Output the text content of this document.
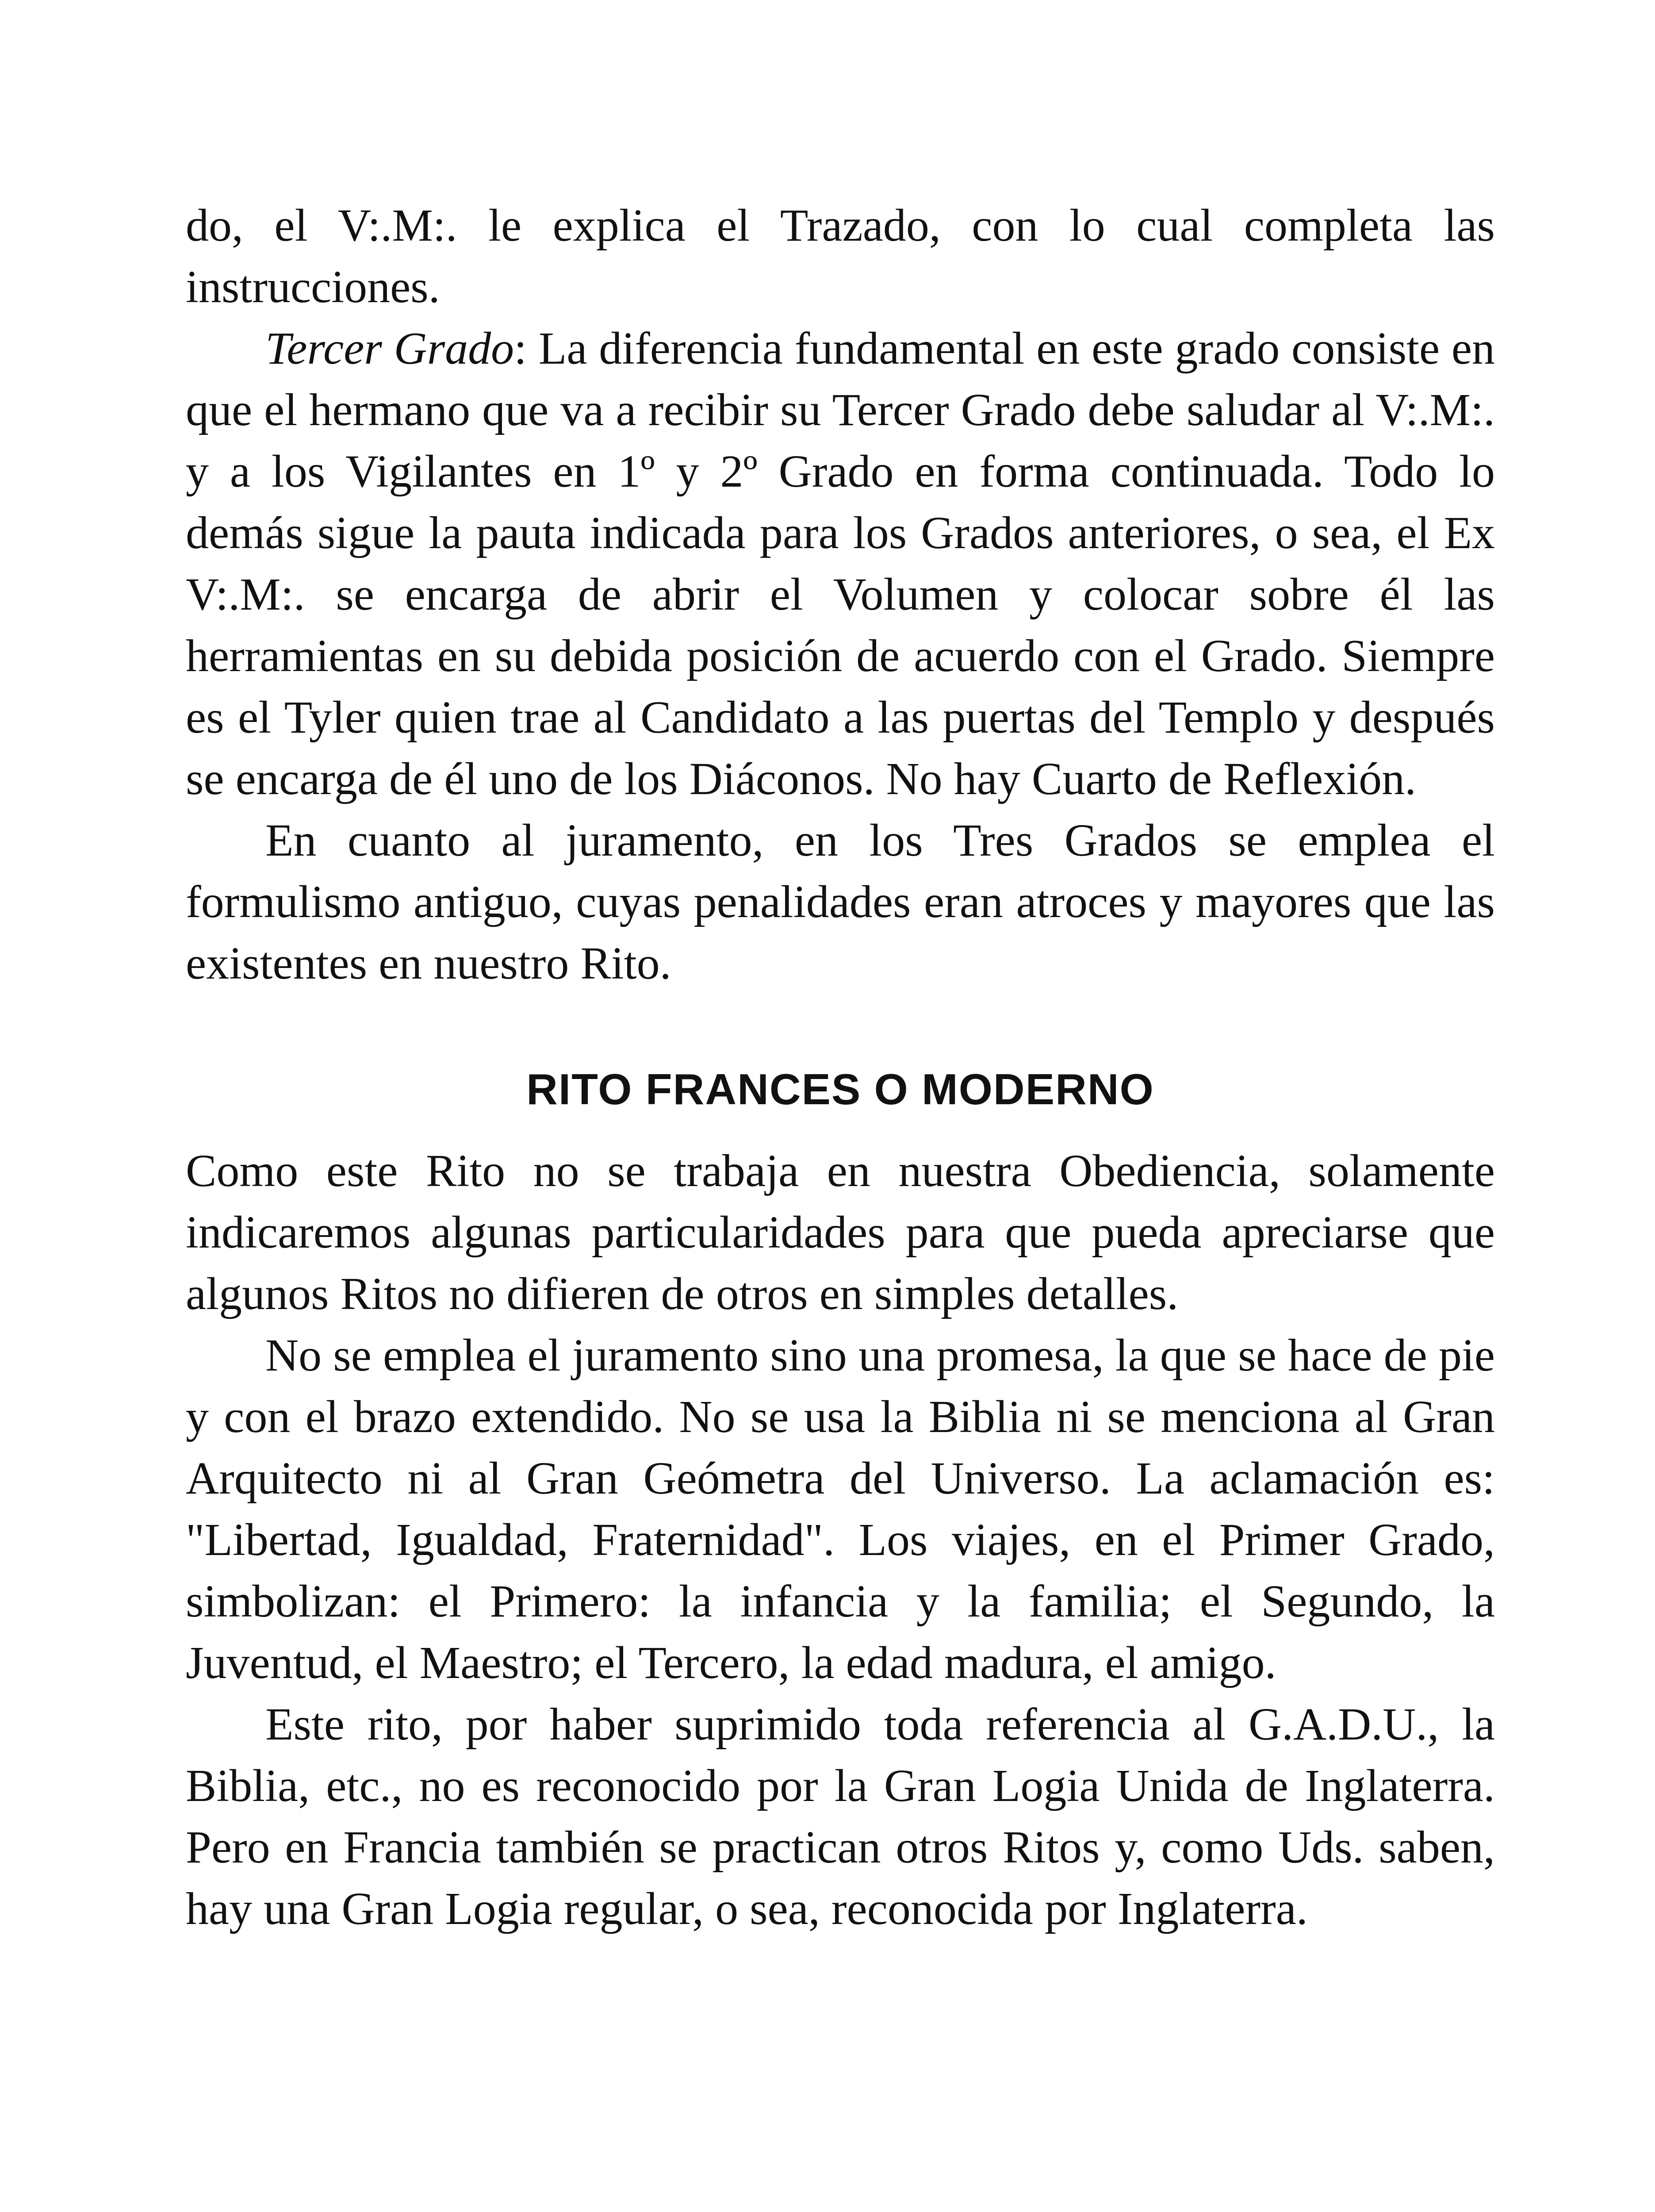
do, el V:.M:. le explica el Trazado, con lo cual completa las instrucciones.

Tercer Grado: La diferencia fundamental en este grado consiste en que el hermano que va a recibir su Tercer Grado debe saludar al V:.M:. y a los Vigilantes en 1º y 2º Grado en forma continuada. Todo lo demás sigue la pauta indicada para los Grados anteriores, o sea, el Ex V:.M:. se encarga de abrir el Volumen y colocar sobre él las herramientas en su debida posición de acuerdo con el Grado. Siempre es el Tyler quien trae al Candidato a las puertas del Templo y después se encarga de él uno de los Diáconos. No hay Cuarto de Reflexión.

En cuanto al juramento, en los Tres Grados se emplea el formulismo antiguo, cuyas penalidades eran atroces y mayores que las existentes en nuestro Rito.

RITO FRANCES O MODERNO

Como este Rito no se trabaja en nuestra Obediencia, solamente indicaremos algunas particularidades para que pueda apreciarse que algunos Ritos no difieren de otros en simples detalles.

No se emplea el juramento sino una promesa, la que se hace de pie y con el brazo extendido. No se usa la Biblia ni se menciona al Gran Arquitecto ni al Gran Geómetra del Universo. La aclamación es: "Libertad, Igualdad, Fraternidad". Los viajes, en el Primer Grado, simbolizan: el Primero: la infancia y la familia; el Segundo, la Juventud, el Maestro; el Tercero, la edad madura, el amigo.

Este rito, por haber suprimido toda referencia al G.A.D.U., la Biblia, etc., no es reconocido por la Gran Logia Unida de Inglaterra. Pero en Francia también se practican otros Ritos y, como Uds. saben, hay una Gran Logia regular, o sea, reconocida por Inglaterra.
